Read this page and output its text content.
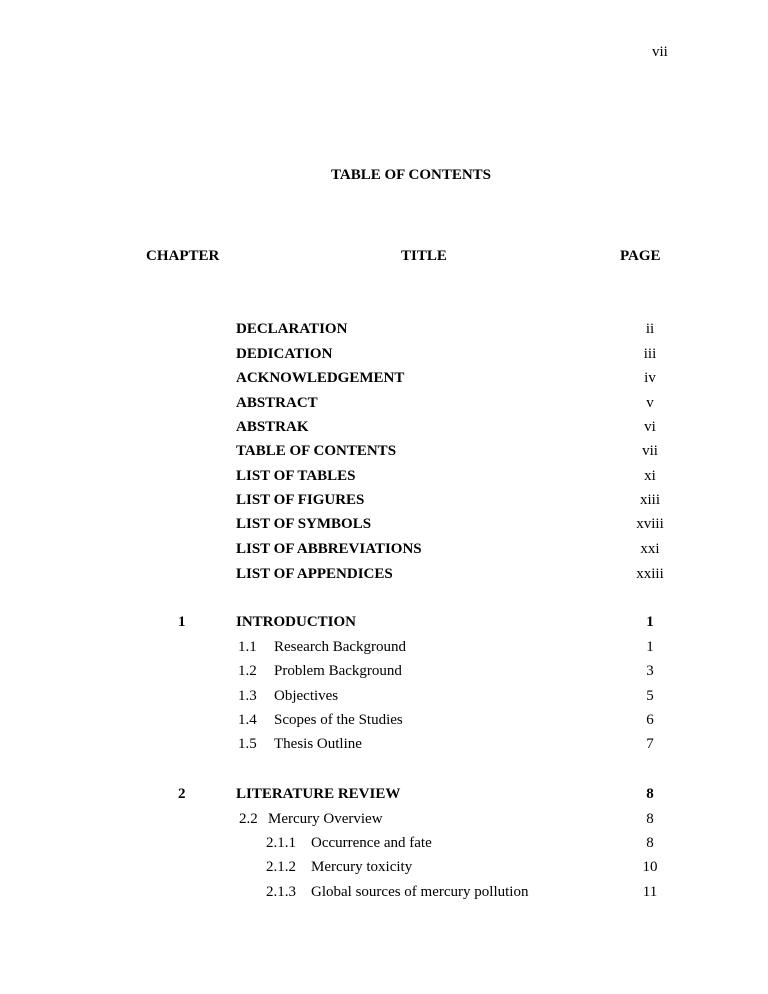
vii
TABLE OF CONTENTS
CHAPTER	TITLE	PAGE
DECLARATION	ii
DEDICATION	iii
ACKNOWLEDGEMENT	iv
ABSTRACT	v
ABSTRAK	vi
TABLE OF CONTENTS	vii
LIST OF TABLES	xi
LIST OF FIGURES	xiii
LIST OF SYMBOLS	xviii
LIST OF ABBREVIATIONS	xxi
LIST OF APPENDICES	xxiii
1	INTRODUCTION	1
1.1 Research Background	1
1.2 Problem Background	3
1.3 Objectives	5
1.4 Scopes of the Studies	6
1.5 Thesis Outline	7
2	LITERATURE REVIEW	8
2.2 Mercury Overview	8
2.1.1 Occurrence and fate	8
2.1.2 Mercury toxicity	10
2.1.3 Global sources of mercury pollution	11
